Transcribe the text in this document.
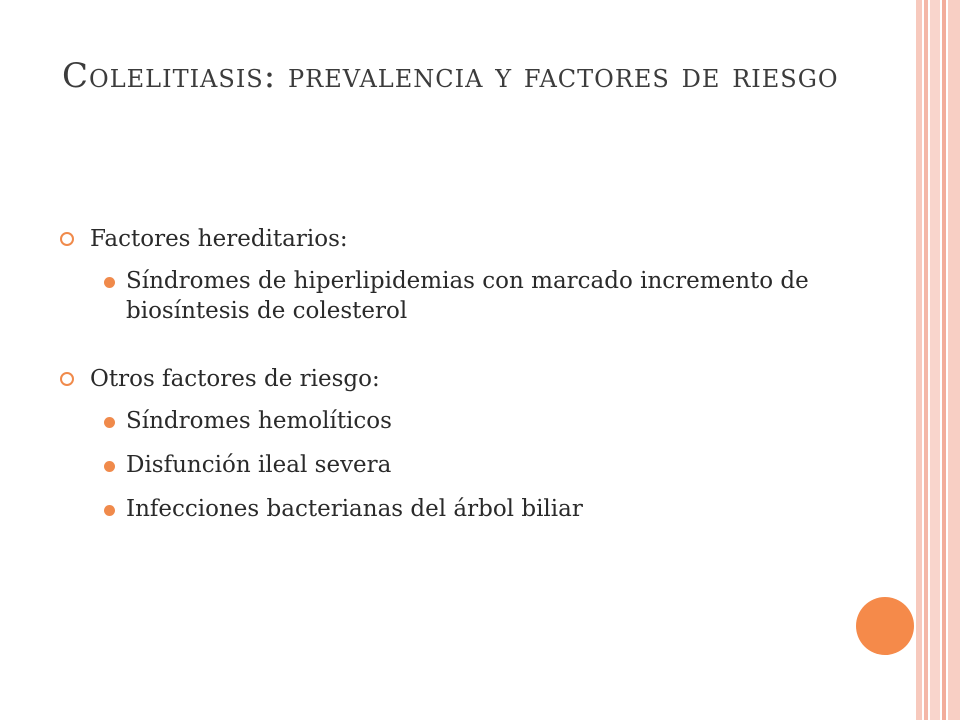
Colelitiasis: prevalencia y factores de riesgo
Factores hereditarios:
Síndromes de hiperlipidemias con marcado incremento de biosíntesis de colesterol
Otros factores de riesgo:
Síndromes hemolíticos
Disfunción ileal severa
Infecciones bacterianas del árbol biliar
